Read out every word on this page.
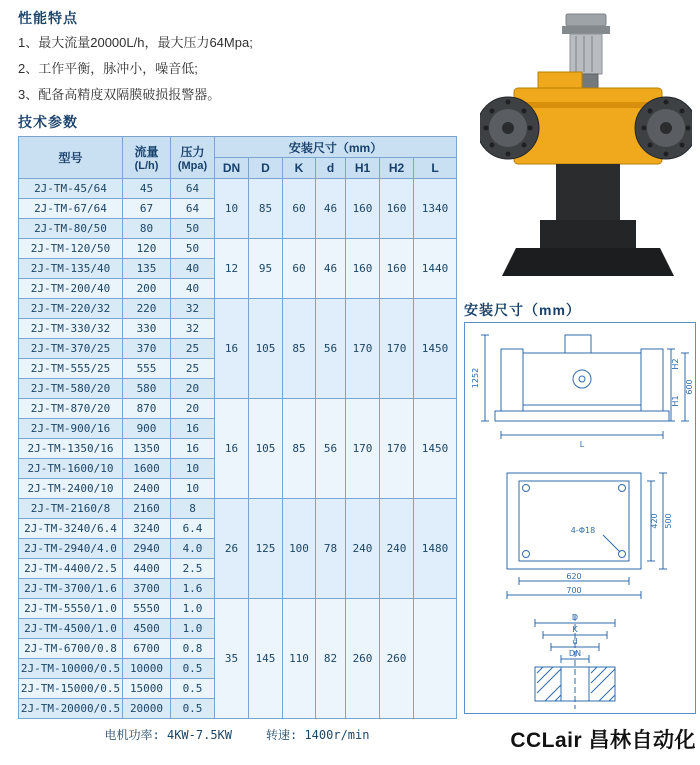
性能特点
1、最大流量20000L/h，最大压力64Mpa;
2、工作平衡，脉冲小，噪音低;
3、配备高精度双隔膜破损报警器。
技术参数
型号	流量
(L/h)

压力
(Mpa)
	安装尺寸（mm）
			DN	D	K	d	H1	H2	L
2J-TM-45/64	45	64	10	85	60	46	160	160	1340
2J-TM-67/64	67	64							
2J-TM-80/50	80	50							
2J-TM-120/50	120	50	12	95	60	46	160	160	1440
2J-TM-135/40	135	40							
2J-TM-200/40	200	40							
2J-TM-220/32	220	32	16	105	85	56	170	170	1450
2J-TM-330/32	330	32							
2J-TM-370/25	370	25							
2J-TM-555/25	555	25							
2J-TM-580/20	580	20							
2J-TM-870/20	870	20	16	105	85	56	170	170	1450
2J-TM-900/16	900	16							
2J-TM-1350/16	1350	16							
2J-TM-1600/10	1600	10							
2J-TM-2400/10	2400	10							
2J-TM-2160/8	2160	8	26	125	100	78	240	240	1480
2J-TM-3240/6.4	3240	6.4							
2J-TM-2940/4.0	2940	4.0							
2J-TM-4400/2.5	4400	2.5							
2J-TM-3700/1.6	3700	1.6							
2J-TM-5550/1.0	5550	1.0	35	145	110	82	260	260	
2J-TM-4500/1.0	4500	1.0							
2J-TM-6700/0.8	6700	0.8							
2J-TM-10000/0.5	10000	0.5							
2J-TM-15000/0.5	15000	0.5							
2J-TM-20000/0.5	20000	0.5							
电机功率: 4KW-7.5KW	转速: 1400r/min
安装尺寸（mm）
1252
H2
H1
600
L
4-Φ18
420 500
620
700
D
K
d
DN
CCLair 昌林自动化
